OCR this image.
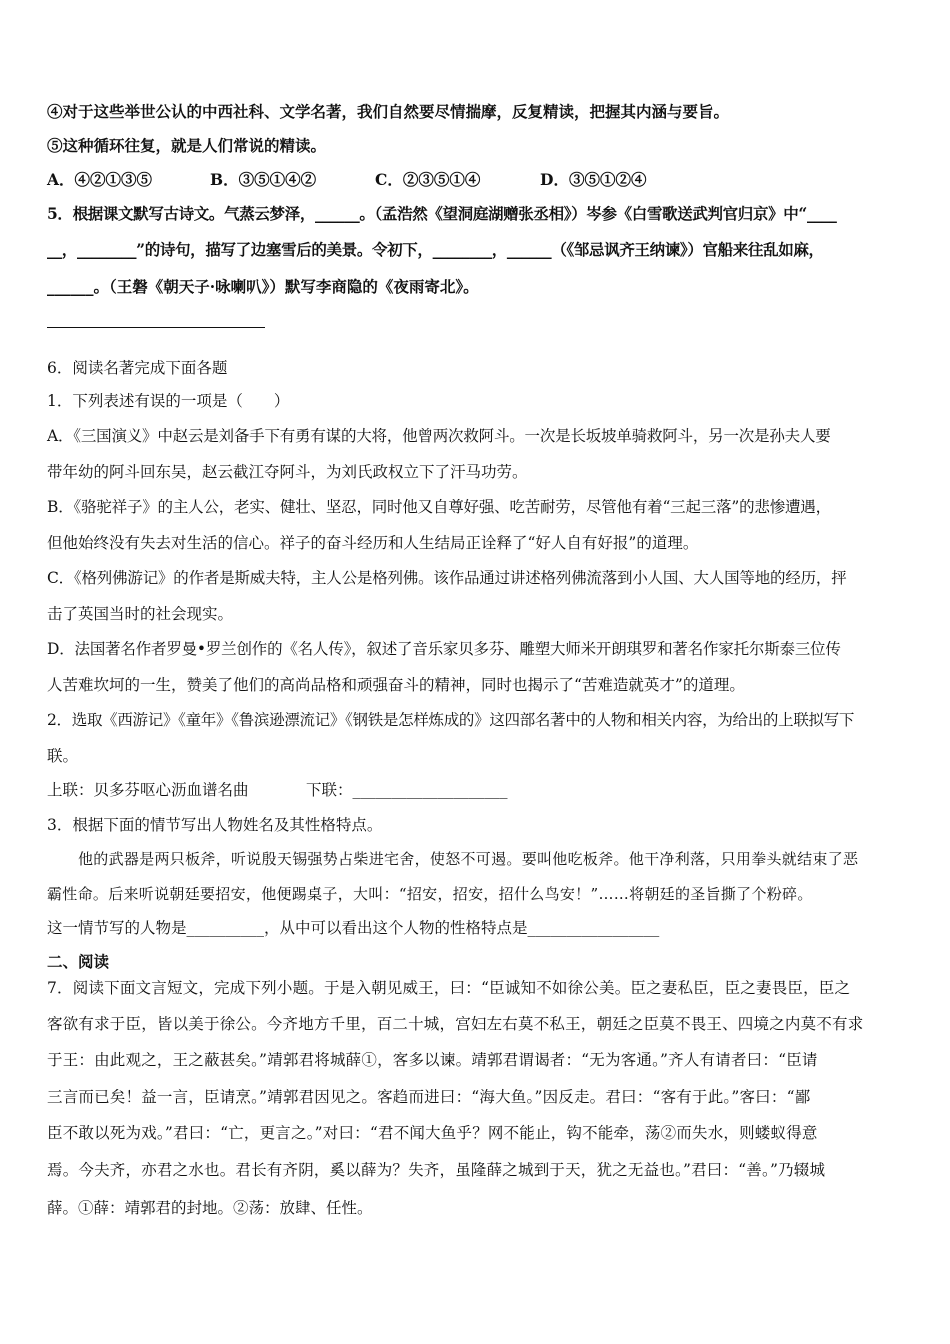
④对于这些举世公认的中西社科、文学名著，我们自然要尽情揣摩，反复精读，把握其内涵与要旨。
⑤这种循环往复，就是人们常说的精读。
A．④②①③⑤	B．③⑤①④②	C．②③⑤①④	D．③⑤①②④
5．根据课文默写古诗文。气蒸云梦泽，______。（孟浩然《望洞庭湖赠张丞相》）岑参《白雪歌送武判官归京》中“____
__，________”的诗句，描写了边塞雪后的美景。令初下，________，______（《邹忌讽齐王纳谏》）官船来往乱如麻，
______。（王磐《朝天子·咏喇叭》）默写李商隐的《夜雨寄北》。
6．阅读名著完成下面各题
1．下列表述有误的一项是（　　）
A．《三国演义》中赵云是刘备手下有勇有谋的大将，他曾两次救阿斗。一次是长坂坡单骑救阿斗，另一次是孙夫人要
带年幼的阿斗回东吴，赵云截江夺阿斗，为刘氏政权立下了汗马功劳。
B．《骆驼祥子》的主人公，老实、健壮、坚忍，同时他又自尊好强、吃苦耐劳，尽管他有着“三起三落”的悲惨遭遇，
但他始终没有失去对生活的信心。祥子的奋斗经历和人生结局正诠释了“好人自有好报”的道理。
C．《格列佛游记》的作者是斯威夫特，主人公是格列佛。该作品通过讲述格列佛流落到小人国、大人国等地的经历，抨
击了英国当时的社会现实。
D．法国著名作者罗曼•罗兰创作的《名人传》，叙述了音乐家贝多芬、雕塑大师米开朗琪罗和著名作家托尔斯泰三位传
人苦难坎坷的一生，赞美了他们的高尚品格和顽强奋斗的精神，同时也揭示了“苦难造就英才”的道理。
2．选取《西游记》《童年》《鲁滨逊漂流记》《钢铁是怎样炼成的》这四部名著中的人物和相关内容，为给出的上联拟写下
联。
上联：贝多芬呕心沥血谱名曲	下联：____________________
3．根据下面的情节写出人物姓名及其性格特点。
他的武器是两只板斧，听说殷天锡强势占柴进宅舍，使怒不可遏。要叫他吃板斧。他干净利落，只用拳头就结束了恶
霸性命。后来听说朝廷要招安，他便踢桌子，大叫：“招安，招安，招什么鸟安！”……将朝廷的圣旨撕了个粉碎。
这一情节写的人物是__________，从中可以看出这个人物的性格特点是_________________
二、阅读
7．阅读下面文言短文，完成下列小题。于是入朝见威王，曰：“臣诚知不如徐公美。臣之妻私臣，臣之妻畏臣，臣之
客欲有求于臣，皆以美于徐公。今齐地方千里，百二十城，宫妇左右莫不私王，朝廷之臣莫不畏王、四境之内莫不有求
于王：由此观之，王之蔽甚矣。”靖郭君将城薛①，客多以谏。靖郭君谓谒者：“无为客通。”齐人有请者曰：“臣请
三言而已矣！益一言，臣请烹。”靖郭君因见之。客趋而进曰：“海大鱼。”因反走。君曰：“客有于此。”客曰：“鄙
臣不敢以死为戏。”君曰：“亡，更言之。”对曰：“君不闻大鱼乎？网不能止，钩不能牵，荡②而失水，则蝼蚁得意
焉。今夫齐，亦君之水也。君长有齐阴，奚以薛为？失齐，虽隆薛之城到于天，犹之无益也。”君曰：“善。”乃辍城
薛。①薛：靖郭君的封地。②荡：放肆、任性。
